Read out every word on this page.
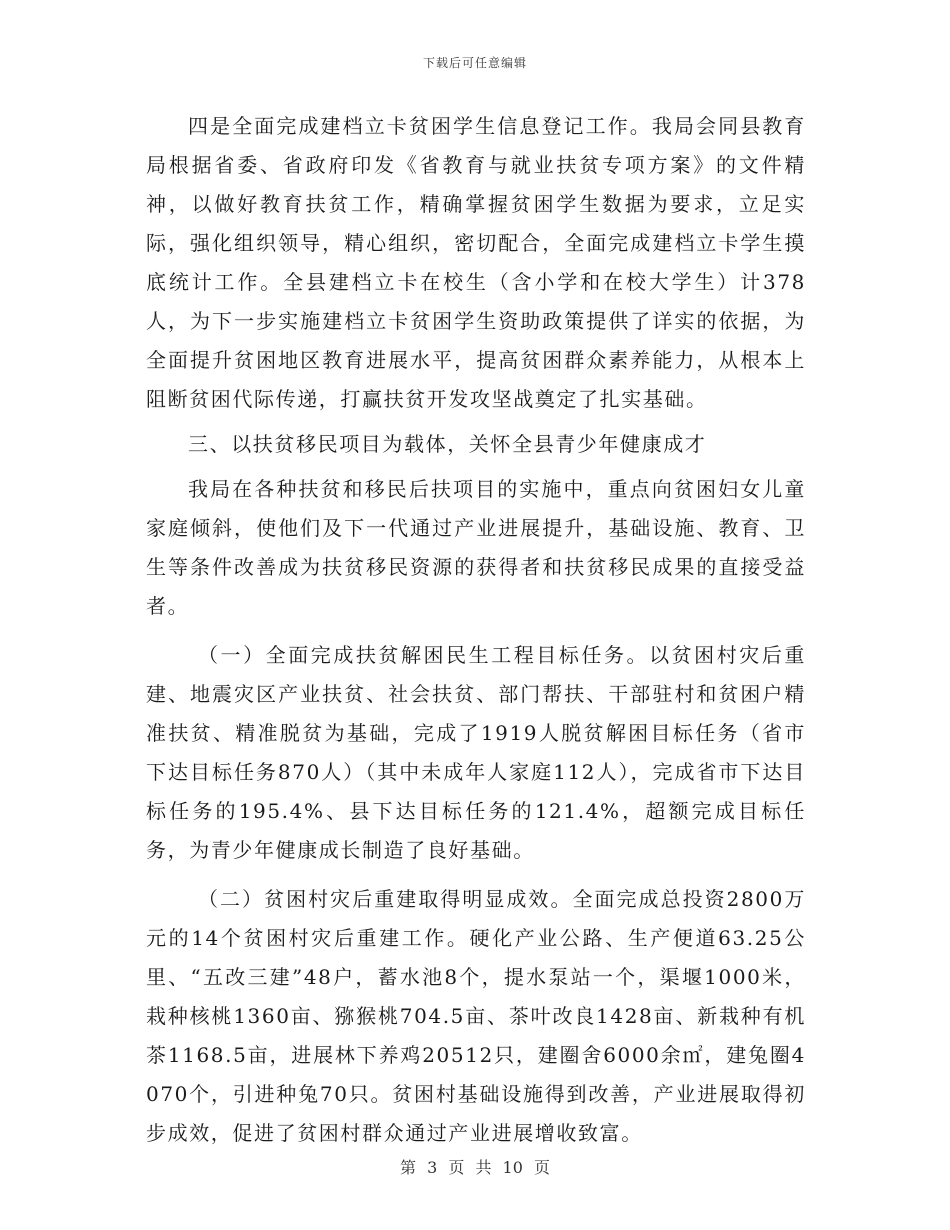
下载后可任意编辑

四是全面完成建档立卡贫困学生信息登记工作。我局会同县教育局根据省委、省政府印发《省教育与就业扶贫专项方案》的文件精神，以做好教育扶贫工作，精确掌握贫困学生数据为要求，立足实际，强化组织领导，精心组织，密切配合，全面完成建档立卡学生摸底统计工作。全县建档立卡在校生（含小学和在校大学生）计378人，为下一步实施建档立卡贫困学生资助政策提供了详实的依据，为全面提升贫困地区教育进展水平，提高贫困群众素养能力，从根本上阻断贫困代际传递，打赢扶贫开发攻坚战奠定了扎实基础。

三、以扶贫移民项目为载体，关怀全县青少年健康成才

我局在各种扶贫和移民后扶项目的实施中，重点向贫困妇女儿童家庭倾斜，使他们及下一代通过产业进展提升，基础设施、教育、卫生等条件改善成为扶贫移民资源的获得者和扶贫移民成果的直接受益者。

（一）全面完成扶贫解困民生工程目标任务。以贫困村灾后重建、地震灾区产业扶贫、社会扶贫、部门帮扶、干部驻村和贫困户精准扶贫、精准脱贫为基础，完成了1919人脱贫解困目标任务（省市下达目标任务870人）（其中未成年人家庭112人），完成省市下达目标任务的195.4%、县下达目标任务的121.4%，超额完成目标任务，为青少年健康成长制造了良好基础。

（二）贫困村灾后重建取得明显成效。全面完成总投资2800万元的14个贫困村灾后重建工作。硬化产业公路、生产便道63.25公里、“五改三建”48户，蓄水池8个，提水泵站一个，渠堰1000米，栽种核桃1360亩、猕猴桃704.5亩、茶叶改良1428亩、新栽种有机茶1168.5亩，进展林下养鸡20512只，建圈舍6000余㎡，建兔圈4070个，引进种兔70只。贫困村基础设施得到改善，产业进展取得初步成效，促进了贫困村群众通过产业进展增收致富。

第 3 页 共 10 页
